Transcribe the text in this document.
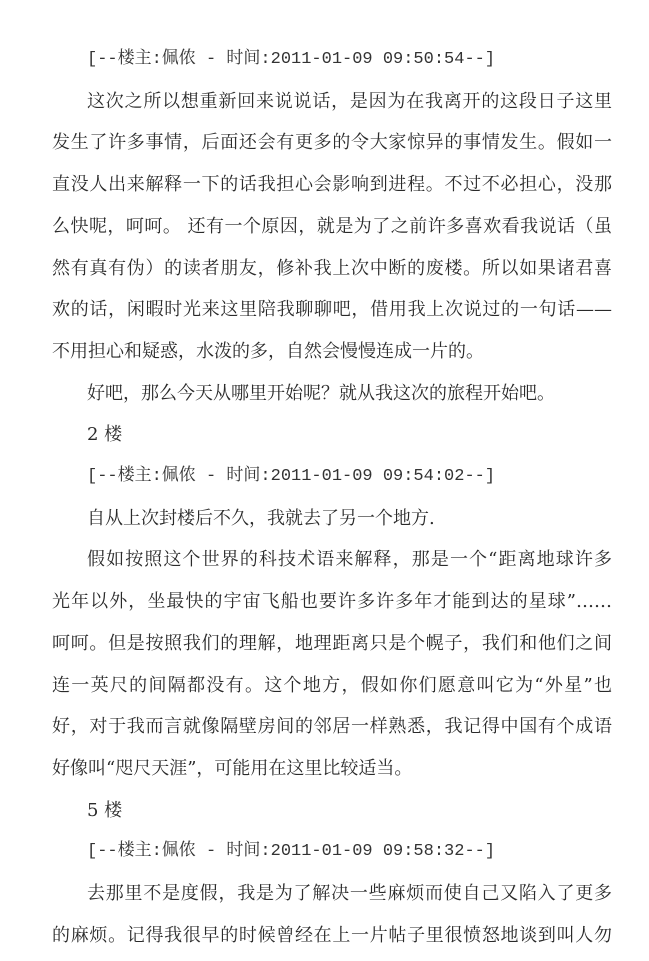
[--楼主:佩侬 - 时间:2011-01-09 09:50:54--]
这次之所以想重新回来说说话，是因为在我离开的这段日子这里
发生了许多事情，后面还会有更多的令大家惊异的事情发生。假如一
直没人出来解释一下的话我担心会影响到进程。不过不必担心，没那
么快呢，呵呵。 还有一个原因，就是为了之前许多喜欢看我说话（虽
然有真有伪）的读者朋友，修补我上次中断的废楼。所以如果诸君喜
欢的话，闲暇时光来这里陪我聊聊吧，借用我上次说过的一句话——
不用担心和疑惑，水泼的多，自然会慢慢连成一片的。
好吧，那么今天从哪里开始呢？就从我这次的旅程开始吧。
2 楼
[--楼主:佩侬 - 时间:2011-01-09 09:54:02--]
自从上次封楼后不久，我就去了另一个地方.
假如按照这个世界的科技术语来解释，那是一个“距离地球许多
光年以外，坐最快的宇宙飞船也要许多许多年才能到达的星球”……
呵呵。但是按照我们的理解，地理距离只是个幌子，我们和他们之间
连一英尺的间隔都没有。这个地方，假如你们愿意叫它为“外星”也
好，对于我而言就像隔壁房间的邻居一样熟悉，我记得中国有个成语
好像叫“咫尺天涯”，可能用在这里比较适当。
5 楼
[--楼主:佩侬 - 时间:2011-01-09 09:58:32--]
去那里不是度假，我是为了解决一些麻烦而使自己又陷入了更多
的麻烦。记得我很早的时候曾经在上一片帖子里很愤怒地谈到叫人勿
